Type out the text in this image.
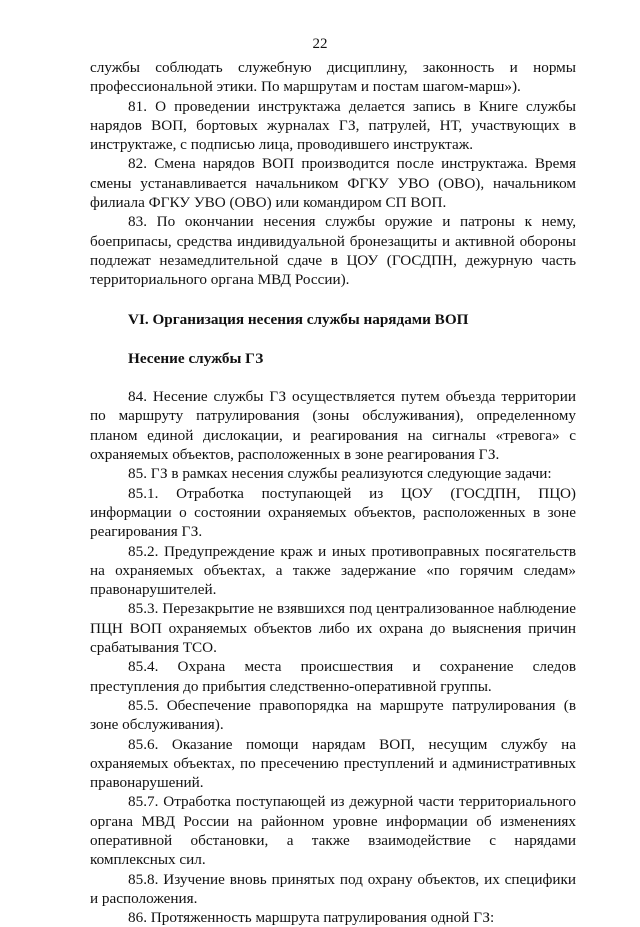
22

службы соблюдать служебную дисциплину, законность и нормы профессиональной этики. По маршрутам и постам шагом-марш»).

81. О проведении инструктажа делается запись в Книге службы нарядов ВОП, бортовых журналах ГЗ, патрулей, НТ, участвующих в инструктаже, с подписью лица, проводившего инструктаж.

82. Смена нарядов ВОП производится после инструктажа. Время смены устанавливается начальником ФГКУ УВО (ОВО), начальником филиала ФГКУ УВО (ОВО) или командиром СП ВОП.

83. По окончании несения службы оружие и патроны к нему, боеприпасы, средства индивидуальной бронезащиты и активной обороны подлежат незамедлительной сдаче в ЦОУ (ГОСДПН, дежурную часть территориального органа МВД России).

VI. Организация несения службы нарядами ВОП

Несение службы ГЗ

84. Несение службы ГЗ осуществляется путем объезда территории по маршруту патрулирования (зоны обслуживания), определенному планом единой дислокации, и реагирования на сигналы «тревога» с охраняемых объектов, расположенных в зоне реагирования ГЗ.

85. ГЗ в рамках несения службы реализуются следующие задачи:

85.1. Отработка поступающей из ЦОУ (ГОСДПН, ПЦО) информации о состоянии охраняемых объектов, расположенных в зоне реагирования ГЗ.

85.2. Предупреждение краж и иных противоправных посягательств на охраняемых объектах, а также задержание «по горячим следам» правонарушителей.

85.3. Перезакрытие не взявшихся под централизованное наблюдение ПЦН ВОП охраняемых объектов либо их охрана до выяснения причин срабатывания ТСО.

85.4. Охрана места происшествия и сохранение следов преступления до прибытия следственно-оперативной группы.

85.5. Обеспечение правопорядка на маршруте патрулирования (в зоне обслуживания).

85.6. Оказание помощи нарядам ВОП, несущим службу на охраняемых объектах, по пресечению преступлений и административных правонарушений.

85.7. Отработка поступающей из дежурной части территориального органа МВД России на районном уровне информации об изменениях оперативной обстановки, а также взаимодействие с нарядами комплексных сил.

85.8. Изучение вновь принятых под охрану объектов, их специфики и расположения.

86. Протяженность маршрута патрулирования одной ГЗ:
